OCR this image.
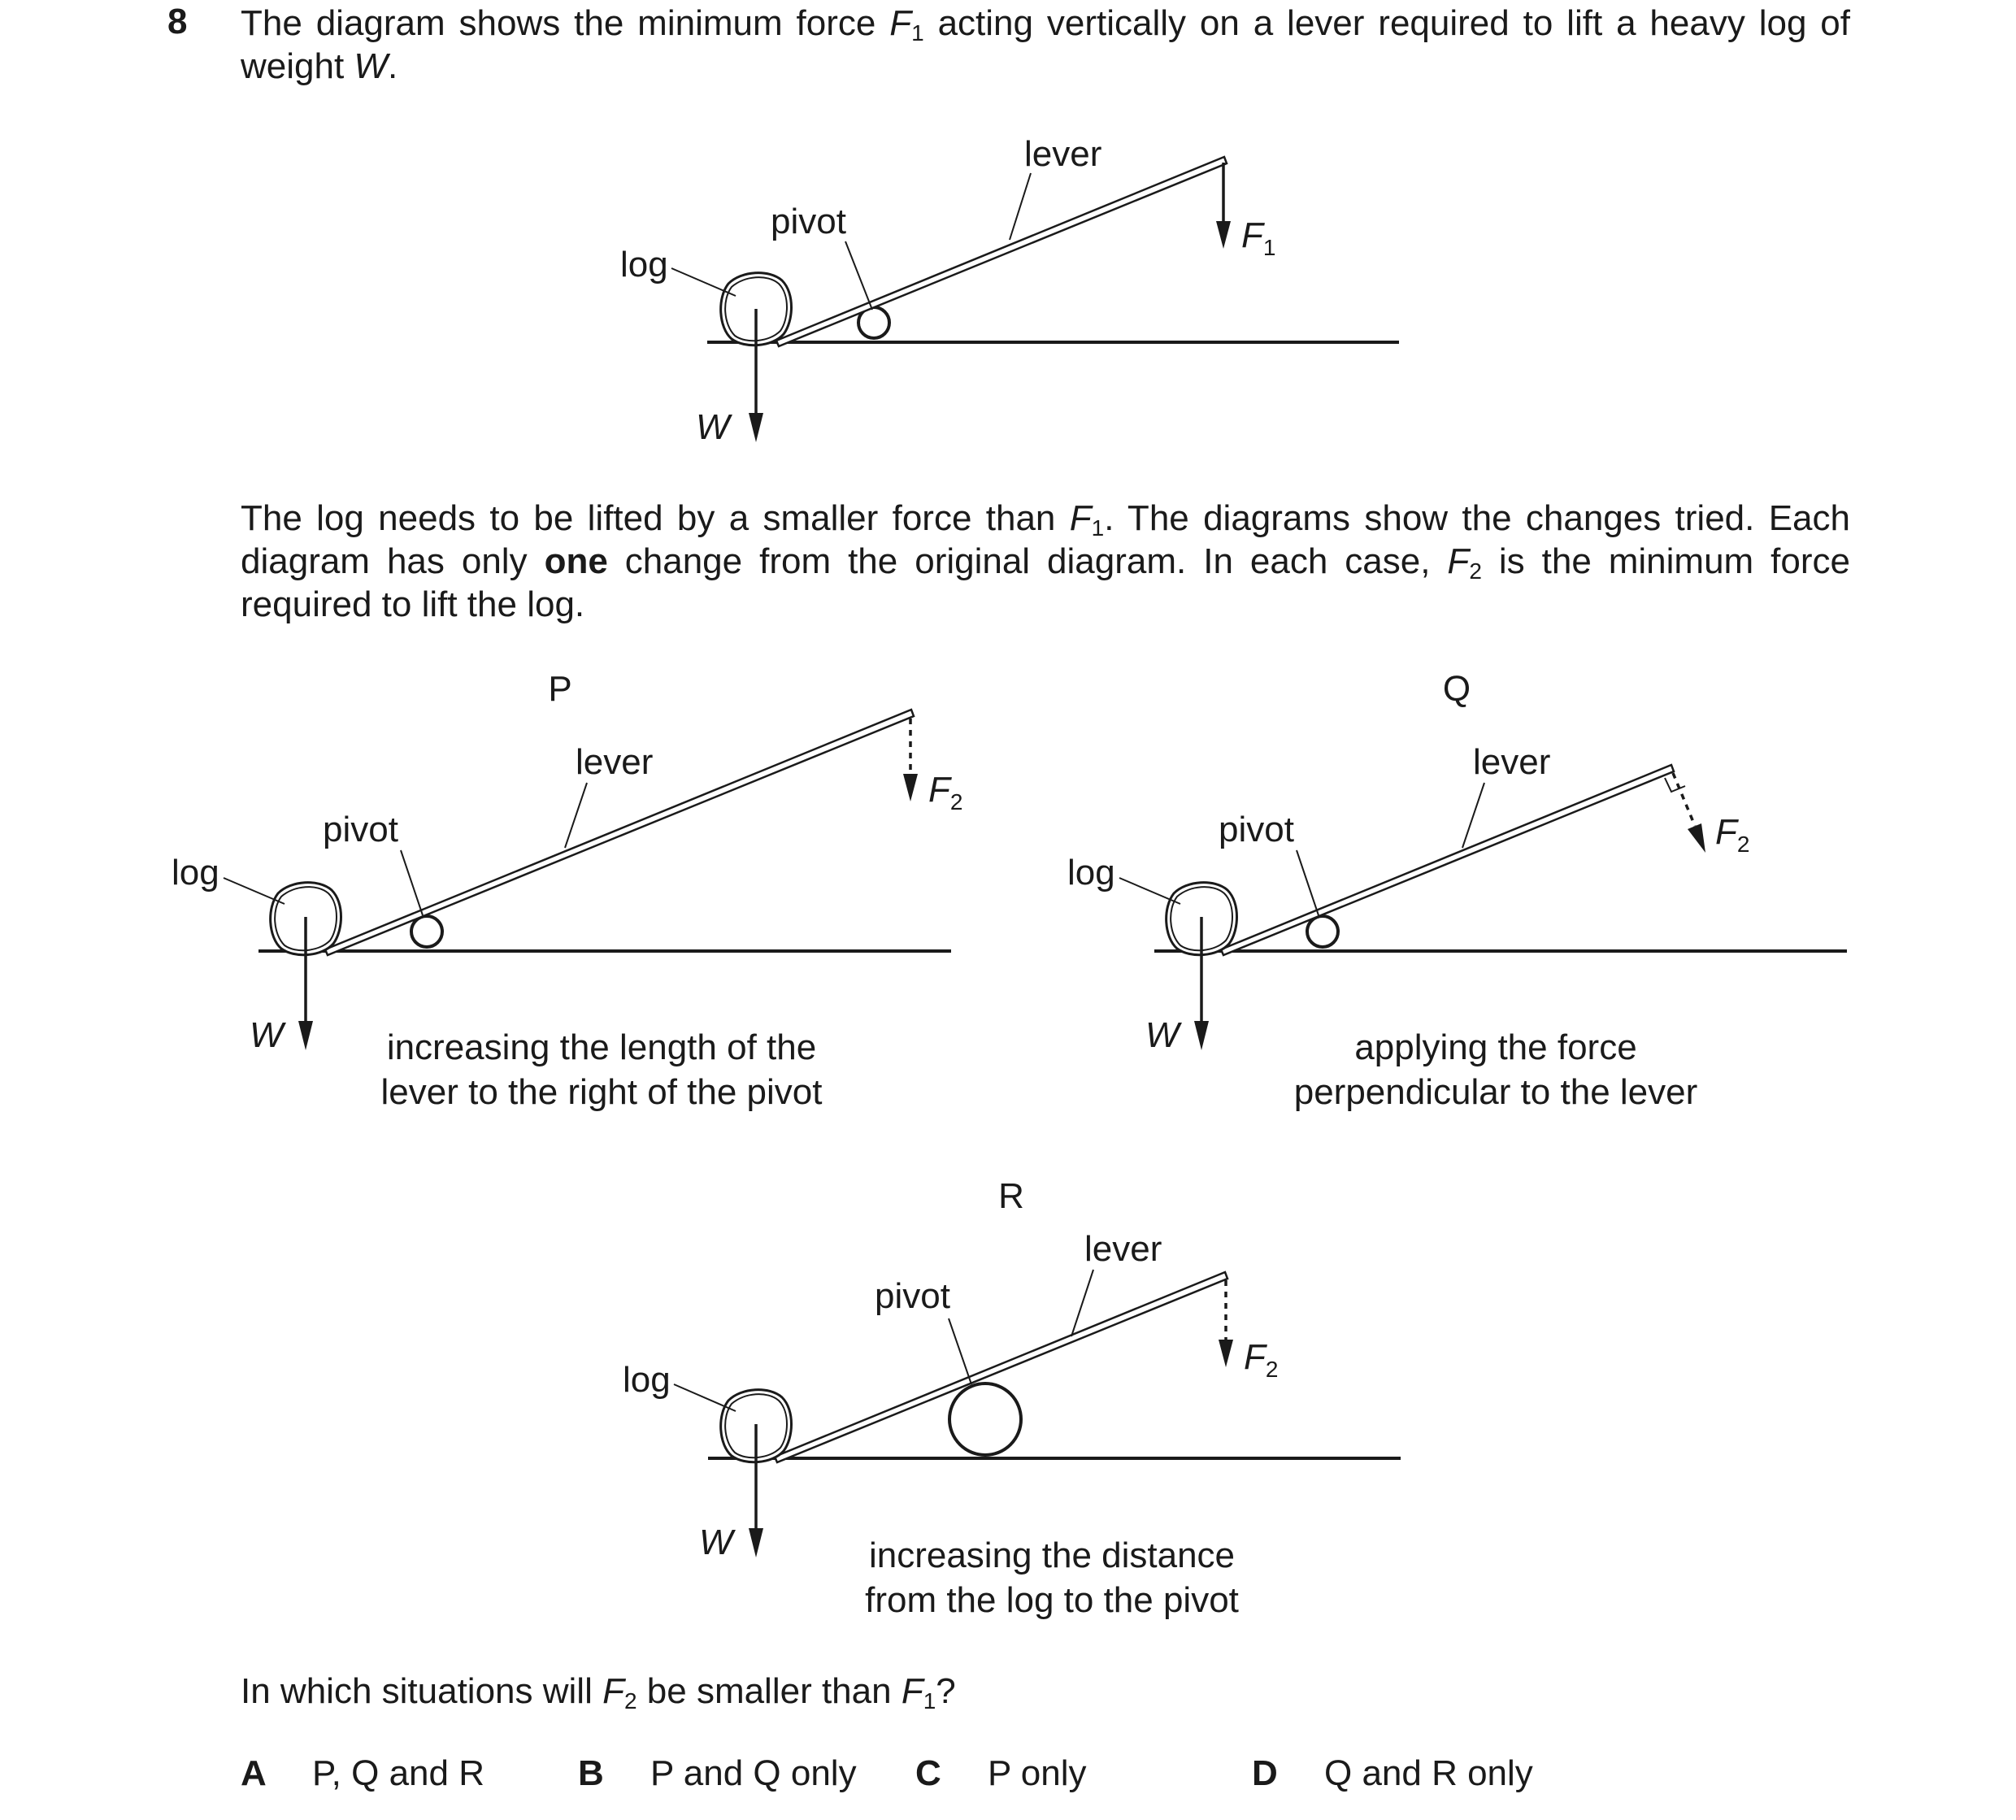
8 The diagram shows the minimum force $F_1$ acting vertically on a lever required to lift a heavy log of
weight W.
The log needs to be lifted by a smaller force than $F_1$. The diagrams show the changes tried. Each
diagram has only one change from the original diagram. In each case, $F_2$ is the minimum force
required to lift the log.
In which situations will $F_2$ be smaller than $F_1$?
lever
pivot
log
W
$F_1$
P
lever
pivot
log
W
$F_2$
increasing the length of the
lever to the right of the pivot
Q
lever
pivot
log
W
$F_2$
applying the force
perpendicular to the lever
R
lever
pivot
log
W
$F_2$
increasing the distance
from the log to the pivot
A P, Q and R	B P and Q only C P only	D Q and R only
